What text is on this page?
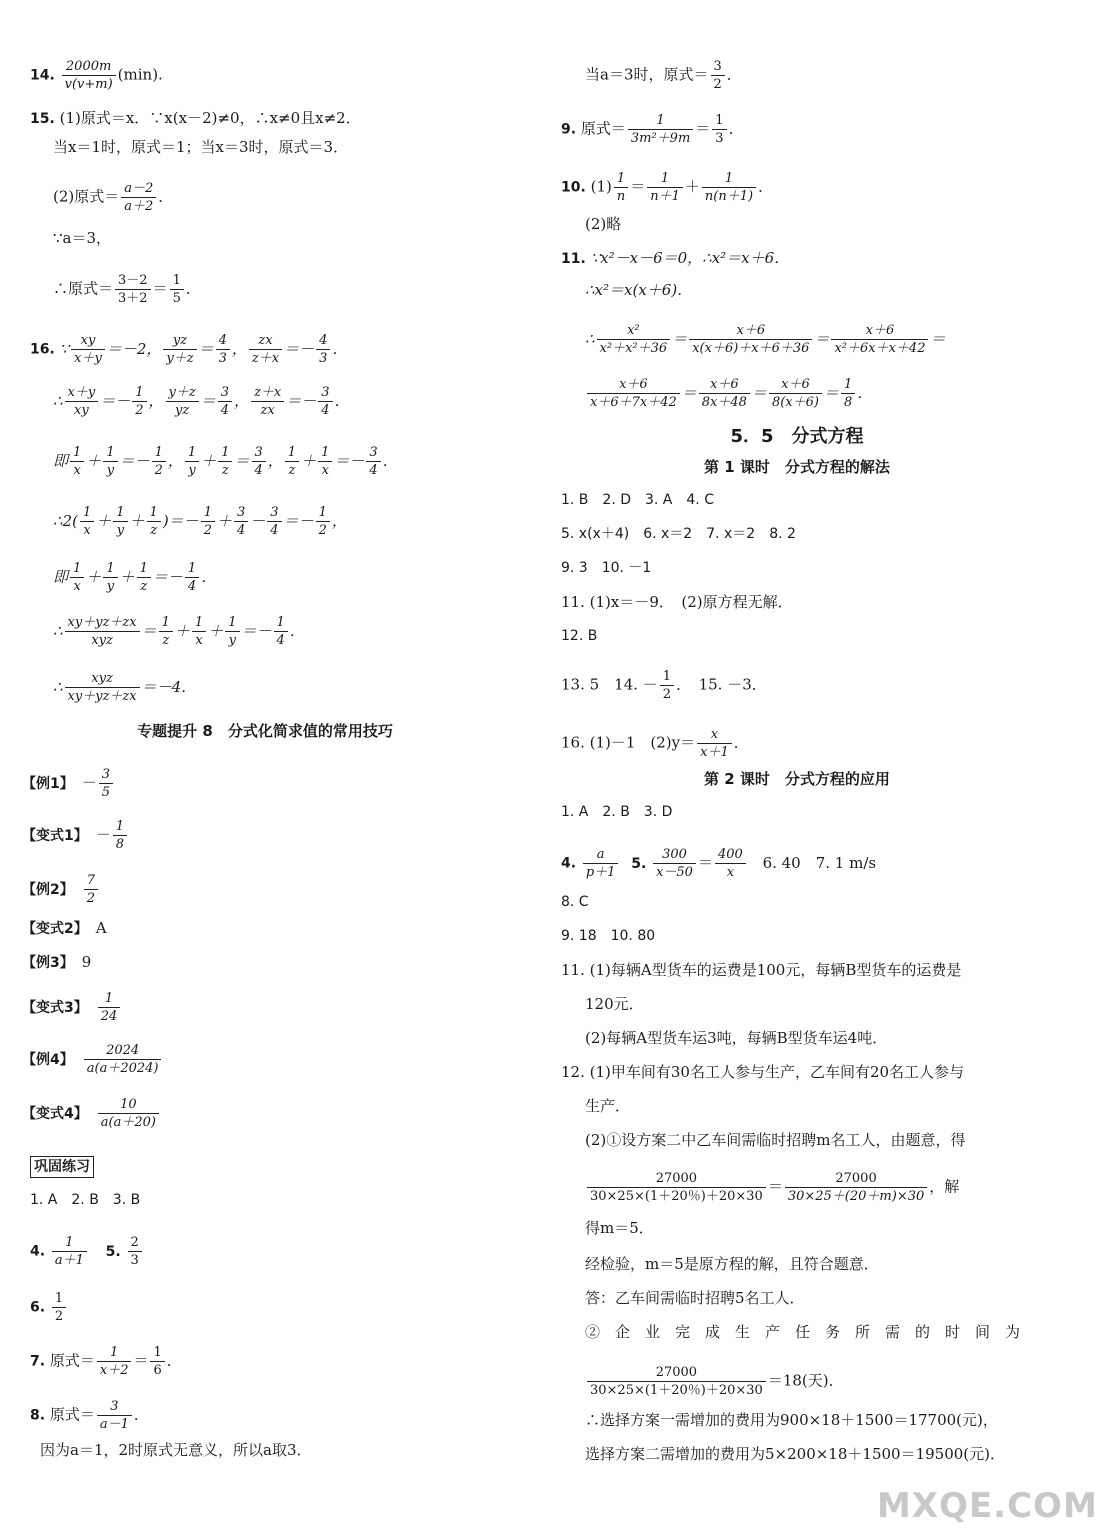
14. $\frac{2000m}{v(v+m)} (\min)$.
15. (1)原式＝x．∵x(x－2)≠0，∴x≠0且x≠2．
当x＝1时，原式＝1；当x＝3时，原式＝3．
(2)原式＝ $\frac{a-2}{a+2}$ ．
∵a＝3，
∴原式＝ $\frac{3-2}{3+2} = \frac{1}{5}$ ．
16. ∵ $\frac{xy}{x+y} =-2$， $\frac{yz}{y+z} = \frac{4}{3}$ ， $\frac{zx}{z+x} =- \frac{4}{3}$ ．
∴ $\frac{x+y}{xy} =- \frac{1}{2}$ ， $\frac{y+z}{yz} = \frac{3}{4}$ ， $\frac{z+x}{zx} =- \frac{3}{4}$ ．
即 $\frac{1}{x} + \frac{1}{y} =- \frac{1}{2}$ ， $\frac{1}{y} + \frac{1}{z} = \frac{3}{4}$ ， $\frac{1}{z} + \frac{1}{x} =- \frac{3}{4}$ ．
∴2( $\frac{1}{x} + \frac{1}{y} + \frac{1}{z}$ )＝－ $\frac{1}{2} + \frac{3}{4} - \frac{3}{4} =- \frac{1}{2}$ ，
即 $\frac{1}{x} + \frac{1}{y} + \frac{1}{z} =- \frac{1}{4}$ ．
∴ $\frac{xy+yz+zx}{\text{xyz}} = \frac{1}{z} + \frac{1}{x} + \frac{1}{y} =- \frac{1}{4}$ ．
∴ $\frac{\text{xyz}}{xy+yz+zx} =-4$．
专题提升 8　分式化简求值的常用技巧
【例1】 － $\frac{3}{5}$
【变式1】 － $\frac{1}{8}$
【例2】 $\frac{7}{2}$
【变式2】 A
【例3】 9
【变式3】 $\frac{1}{24}$
【例4】 $\frac{2024}{a(a+2024)}$
【变式4】 $\frac{10}{a(a+20)}$
巩固练习
1. A　2. B　3. B
4. $\frac{1}{a+1} 5$. $\frac{2}{3}$
6. $\frac{1}{2}$
7. 原式＝ $\frac{1}{x+2} = \frac{1}{6}$ ．
8. 原式＝ $\frac{3}{a-1}$ ．
因为a＝1，2时原式无意义，所以a取3．
当a＝3时，原式＝ $\frac{3}{2}$ ．
9. 原式＝ $\frac{1}{\text{3m²＋9m}} = \frac{1}{3}$ ．
10. $(1) \frac{1}{n} = \frac{1}{n+1} + \frac{1}{n(n+1)}$ ．
(2)略
11. ∵x²－x－6＝0，∴x²＝x＋6．
∴x²＝x(x＋6)．
∴ $\frac{\text{x²}}{\text{x²＋x²＋36}} = \frac{x+6}{x(x+6)+x+6+36} = \frac{x+6}{\text{x²＋6x＋x＋42}}$ ＝
$\frac{x+6}{x+6+7x+42} = \frac{x+6}{8x+48} = \frac{x+6}{8(x+6)} = \frac{1}{8}$ ．
5．5　分式方程
第 1 课时　分式方程的解法
1. B　2. D　3. A　4. C
5. x(x＋4)　6. x＝2　7. x＝2　8. 2
9. 3　10. －1
11. (1)x＝－9．　(2)原方程无解．
12. B
13. 5　14. － $\frac{1}{2}$ ．　15. －3．
16. (1)－1　$(2)y= \frac{x}{x+1}$ ．
第 2 课时　分式方程的应用
1. A　2. B　3. D
4. $\frac{a}{p+1} 5$. $\frac{300}{x-50} = \frac{400}{x} 6$. 40　7. 1 m/s
8. C
9. 18　10. 80
11. (1)每辆A型货车的运费是100元，每辆B型货车的运费是
120元．
(2)每辆A型货车运3吨，每辆B型货车运4吨．
12. (1)甲车间有30名工人参与生产，乙车间有20名工人参与
生产．
(2)①设方案二中乙车间需临时招聘m名工人，由题意，得
$\frac{27000}{30\times 25\times(1+20\%)+20\times 30} = \frac{27000}{30\times 25+(20+m)\times 30}$ ，解
得m＝5．
经检验，m＝5是原方程的解，且符合题意．
答：乙车间需临时招聘5名工人．
②　企　业　完　成　生　产　任　务　所　需　的　时　间　为
$\frac{27000}{30\times 25\times(1+20\%)+20\times 30} =18$(天)．
∴选择方案一需增加的费用为900×18＋1500＝17700(元)，
选择方案二需增加的费用为5×200×18＋1500＝19500(元)．
MXQE.COM
